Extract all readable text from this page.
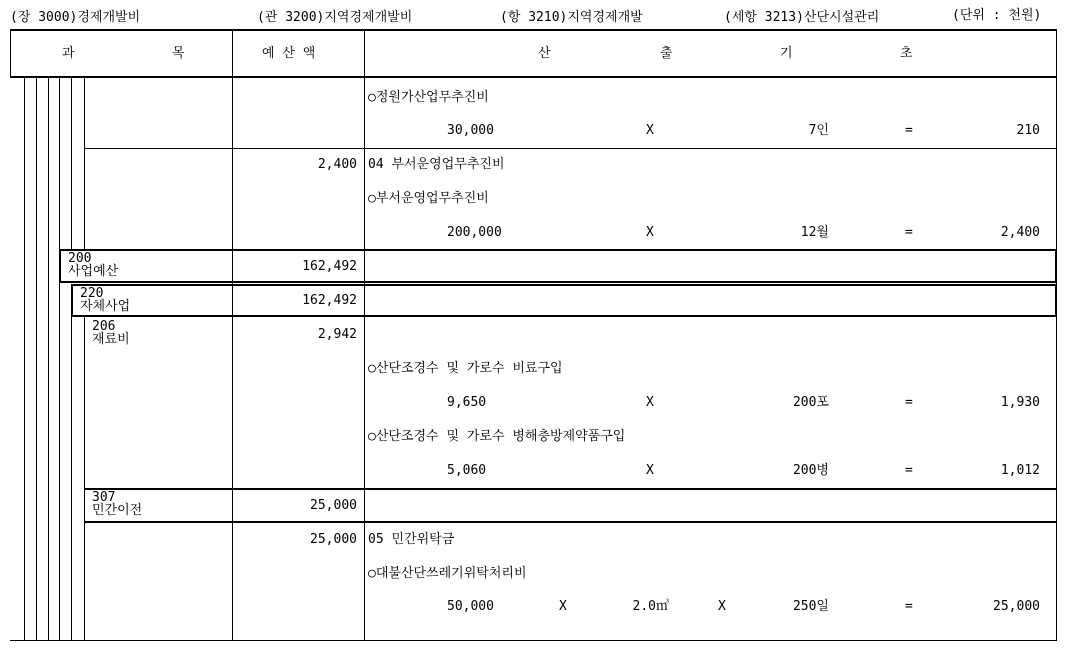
(장 3000)경제개발비	(관 3200)지역경제개발비	(항 3210)지역경제개발	(세항 3213)산단시설관리	(단위 : 천원)
과	목	예 산 액	산	출	기	초
○정원가산업무추진비
30,000	X	7인	=	210
2,400 04 부서운영업무추진비
○부서운영업무추진비
200,000	X	12월	=	2,400
200
사업예산	162,492
220
자체사업	162,492
206
재료비	2,942
○산단조경수 및 가로수 비료구입
9,650	X	200포	=	1,930
○산단조경수 및 가로수 병해충방제약품구입
5,060	X	200병	=	1,012
307
민간이전	25,000
25,000 05 민간위탁금
○대불산단쓰레기위탁처리비
50,000	X	2.0㎥	X	250일	=	25,000
